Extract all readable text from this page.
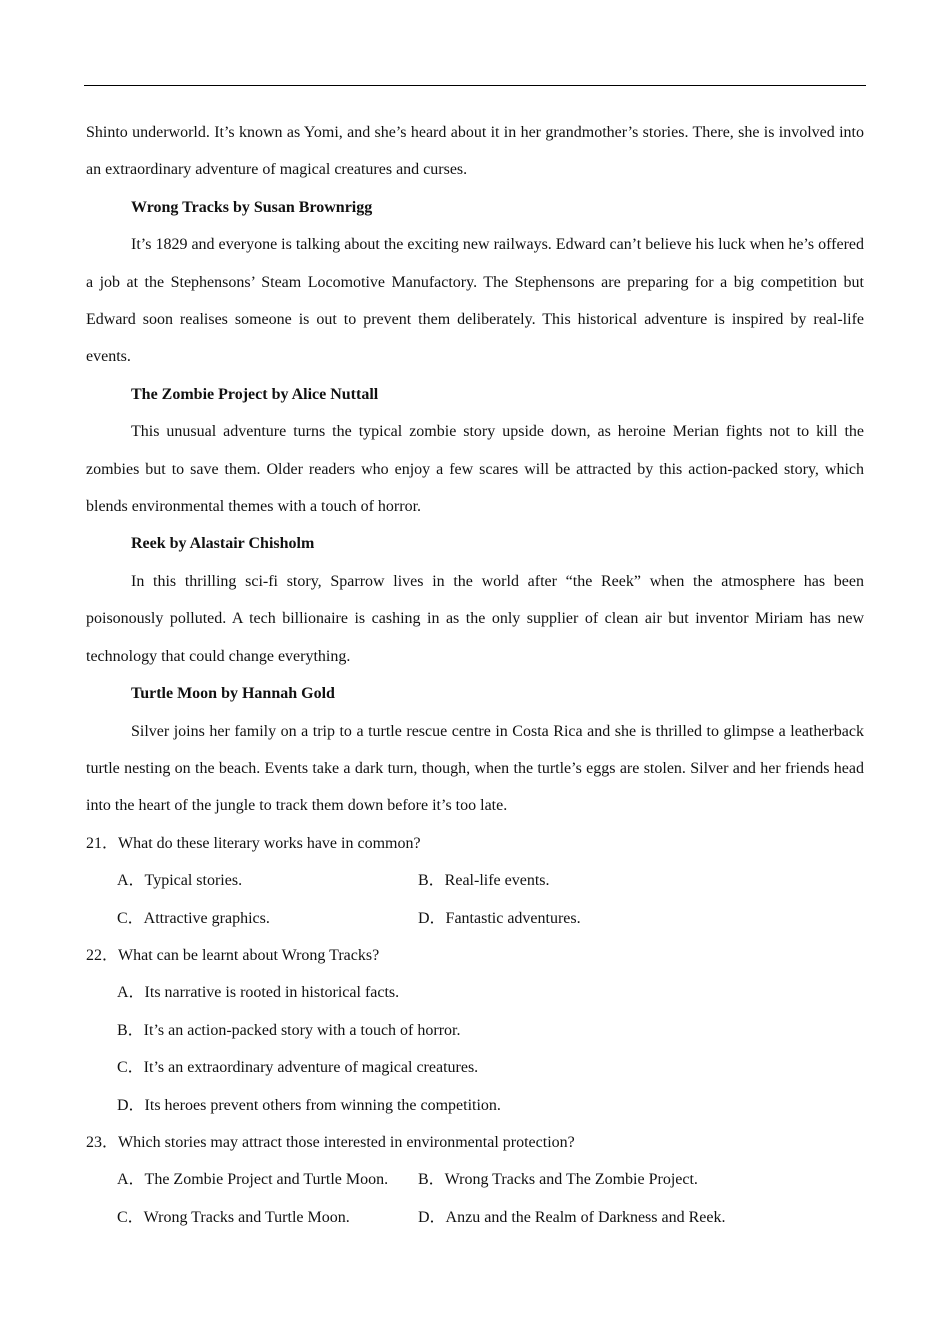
Shinto underworld. It’s known as Yomi, and she’s heard about it in her grandmother’s stories. There, she is involved into an extraordinary adventure of magical creatures and curses.

Wrong Tracks by Susan Brownrigg

It’s 1829 and everyone is talking about the exciting new railways. Edward can’t believe his luck when he’s offered a job at the Stephensons’ Steam Locomotive Manufactory. The Stephensons are preparing for a big competition but Edward soon realises someone is out to prevent them deliberately. This historical adventure is inspired by real-life events.

The Zombie Project by Alice Nuttall

This unusual adventure turns the typical zombie story upside down, as heroine Merian fights not to kill the zombies but to save them. Older readers who enjoy a few scares will be attracted by this action-packed story, which blends environmental themes with a touch of horror.

Reek by Alastair Chisholm

In this thrilling sci-fi story, Sparrow lives in the world after “the Reek” when the atmosphere has been poisonously polluted. A tech billionaire is cashing in as the only supplier of clean air but inventor Miriam has new technology that could change everything.

Turtle Moon by Hannah Gold

Silver joins her family on a trip to a turtle rescue centre in Costa Rica and she is thrilled to glimpse a leatherback turtle nesting on the beach. Events take a dark turn, though, when the turtle’s eggs are stolen. Silver and her friends head into the heart of the jungle to track them down before it’s too late.

21．What do these literary works have in common?

A．Typical stories.	B．Real-life events.
C．Attractive graphics.	D．Fantastic adventures.

22．What can be learnt about Wrong Tracks?

A．Its narrative is rooted in historical facts.
B．It’s an action-packed story with a touch of horror.
C．It’s an extraordinary adventure of magical creatures.
D．Its heroes prevent others from winning the competition.

23．Which stories may attract those interested in environmental protection?

A．The Zombie Project and Turtle Moon.	B．Wrong Tracks and The Zombie Project.
C．Wrong Tracks and Turtle Moon.	D．Anzu and the Realm of Darkness and Reek.
